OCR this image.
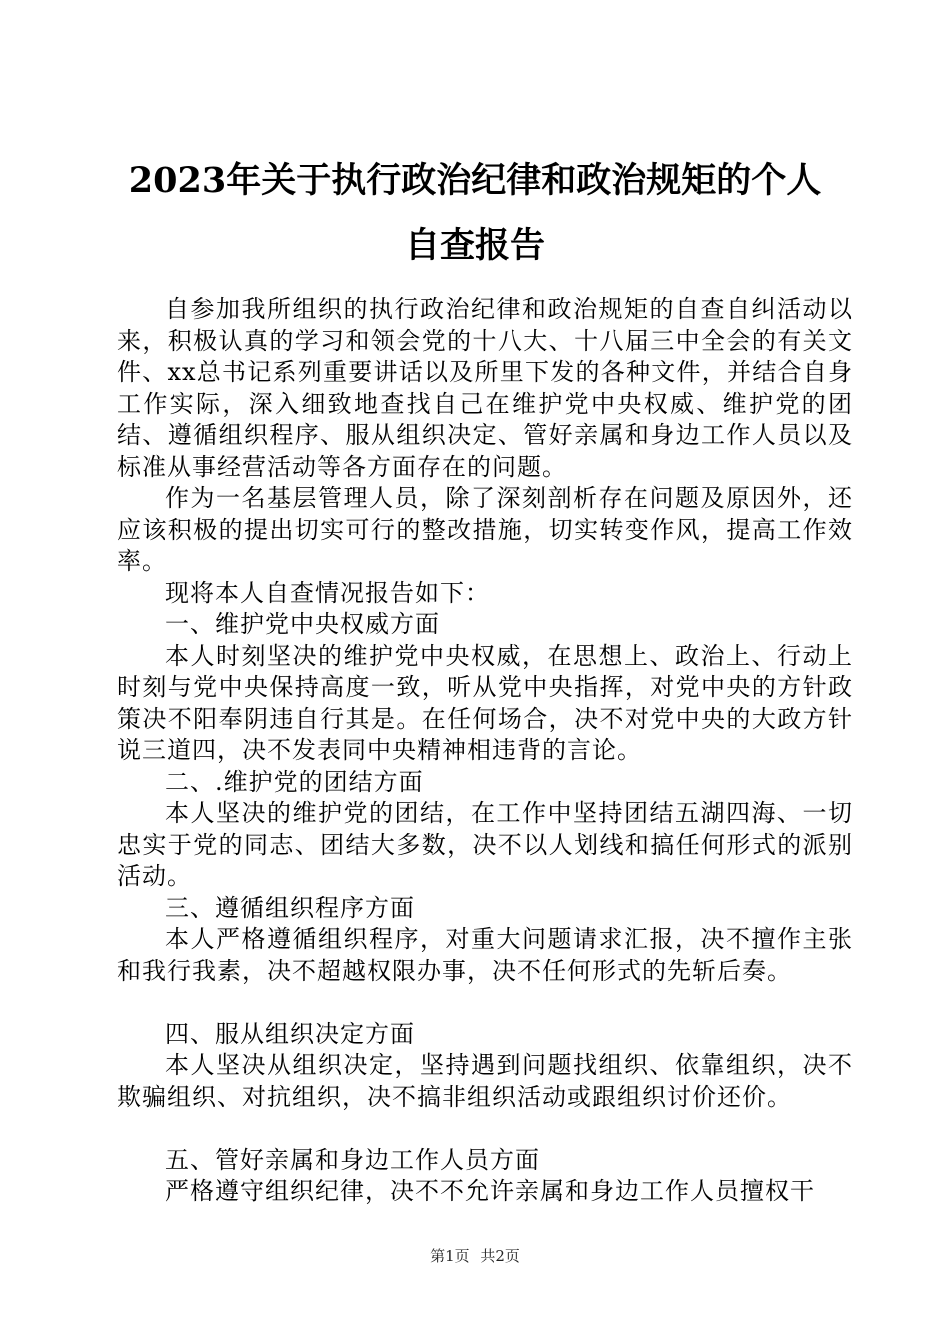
2023年关于执行政治纪律和政治规矩的个人
自查报告

自参加我所组织的执行政治纪律和政治规矩的自查自纠活动以来，积极认真的学习和领会党的十八大、十八届三中全会的有关文件、xx总书记系列重要讲话以及所里下发的各种文件，并结合自身工作实际，深入细致地查找自己在维护党中央权威、维护党的团结、遵循组织程序、服从组织决定、管好亲属和身边工作人员以及标准从事经营活动等各方面存在的问题。

作为一名基层管理人员，除了深刻剖析存在问题及原因外，还应该积极的提出切实可行的整改措施，切实转变作风，提高工作效率。

现将本人自查情况报告如下：

一、维护党中央权威方面

本人时刻坚决的维护党中央权威，在思想上、政治上、行动上时刻与党中央保持高度一致，听从党中央指挥，对党中央的方针政策决不阳奉阴违自行其是。在任何场合，决不对党中央的大政方针说三道四，决不发表同中央精神相违背的言论。

二、.维护党的团结方面

本人坚决的维护党的团结，在工作中坚持团结五湖四海、一切忠实于党的同志、团结大多数，决不以人划线和搞任何形式的派别活动。

三、遵循组织程序方面

本人严格遵循组织程序，对重大问题请求汇报，决不擅作主张和我行我素，决不超越权限办事，决不任何形式的先斩后奏。

四、服从组织决定方面

本人坚决从组织决定，坚持遇到问题找组织、依靠组织，决不欺骗组织、对抗组织，决不搞非组织活动或跟组织讨价还价。

五、管好亲属和身边工作人员方面

严格遵守组织纪律，决不不允许亲属和身边工作人员擅权干

第1页 共2页
